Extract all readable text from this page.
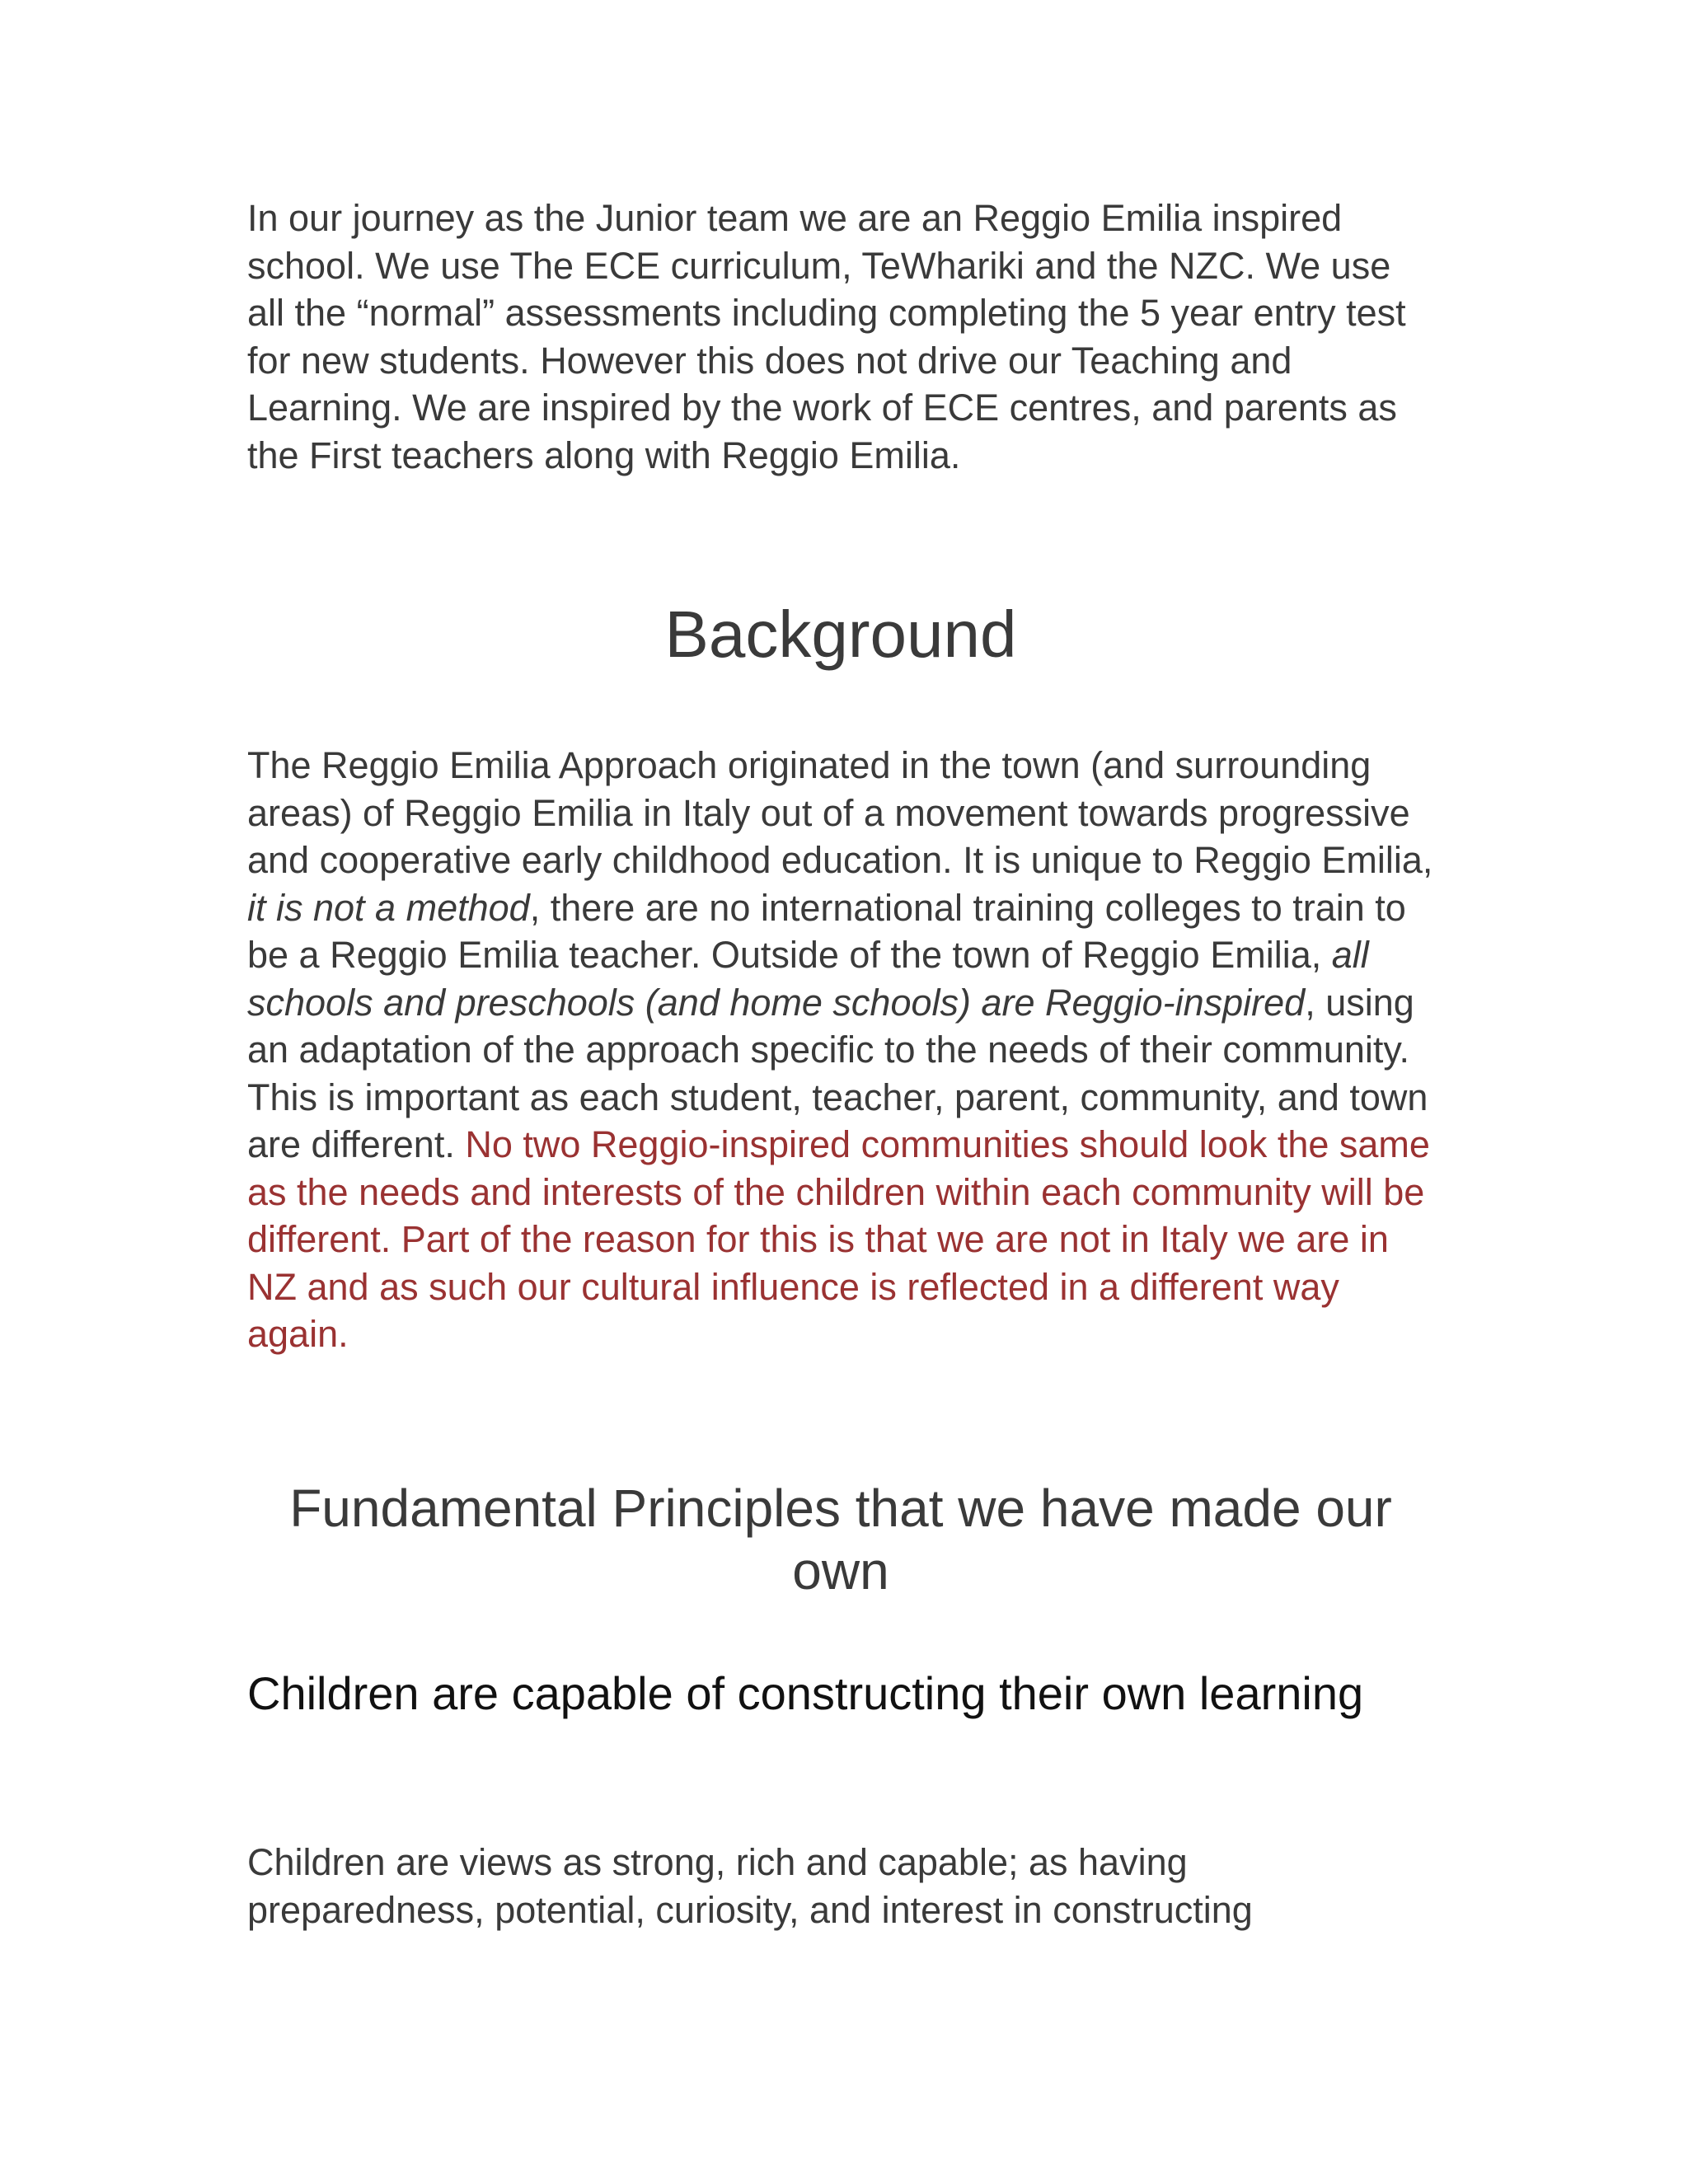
In our journey as the Junior team we are an Reggio Emilia inspired school. We use The ECE curriculum, TeWhariki and the NZC. We use all the “normal” assessments including completing the 5 year entry test for new students. However this does not drive our Teaching and Learning. We are inspired by the work of ECE centres, and parents as the First teachers along with Reggio Emilia.

Background

The Reggio Emilia Approach originated in the town (and surrounding areas) of Reggio Emilia in Italy out of a movement towards progressive and cooperative early childhood education. It is unique to Reggio Emilia, it is not a method, there are no international training colleges to train to be a Reggio Emilia teacher. Outside of the town of Reggio Emilia, all schools and preschools (and home schools) are Reggio-inspired, using an adaptation of the approach specific to the needs of their community. This is important as each student, teacher, parent, community, and town are different. No two Reggio-inspired communities should look the same as the needs and interests of the children within each community will be different. Part of the reason for this is that we are not in Italy we are in NZ and as such our cultural influence is reflected in a different way again.

Fundamental Principles that we have made our own
Children are capable of constructing their own learning

Children are views as strong, rich and capable; as having preparedness, potential, curiosity, and interest in constructing
